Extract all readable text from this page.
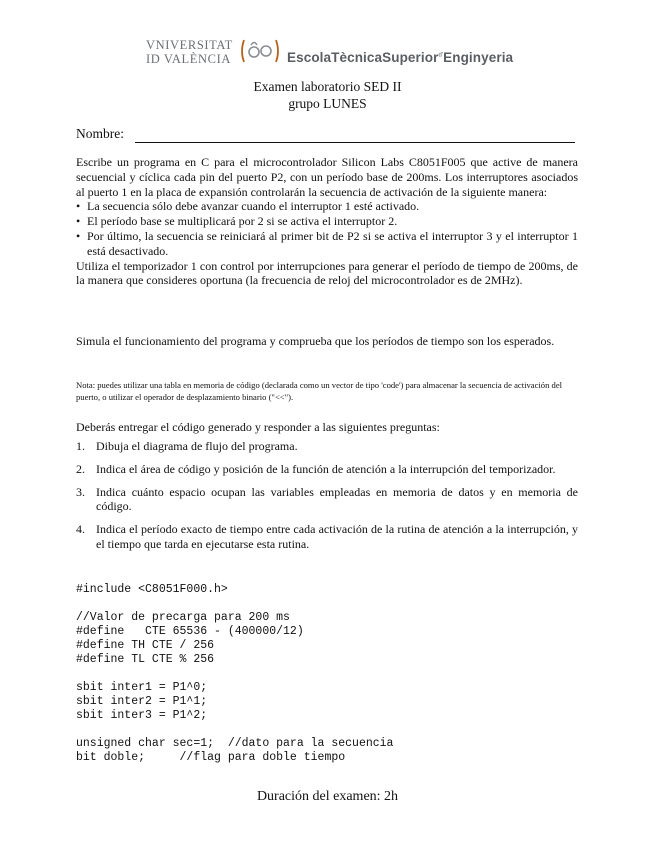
VNIVERSITAT
ID VALÈNCIA	EscolaTècnicaSuperior$^{d'}$Enginyeria
Examen laboratorio SED II
grupo LUNES
Nombre:
Escribe un programa en C para el microcontrolador Silicon Labs C8051F005 que active de manera secuencial y cíclica cada pin del puerto P2, con un período base de 200ms. Los interruptores asociados al puerto 1 en la placa de expansión controlarán la secuencia de activación de la siguiente manera:
• La secuencia sólo debe avanzar cuando el interruptor 1 esté activado.
• El período base se multiplicará por 2 si se activa el interruptor 2.
• Por último, la secuencia se reiniciará al primer bit de P2 si se activa el interruptor 3 y el interruptor 1 está desactivado.
Utiliza el temporizador 1 con control por interrupciones para generar el período de tiempo de 200ms, de la manera que consideres oportuna (la frecuencia de reloj del microcontrolador es de 2MHz).
Simula el funcionamiento del programa y comprueba que los períodos de tiempo son los esperados.
Nota: puedes utilizar una tabla en memoria de código (declarada como un vector de tipo 'code') para almacenar la secuencia de activación del puerto, o utilizar el operador de desplazamiento binario ("<<").
Deberás entregar el código generado y responder a las siguientes preguntas:
1. Dibuja el diagrama de flujo del programa.
2. Indica el área de código y posición de la función de atención a la interrupción del temporizador.
3. Indica cuánto espacio ocupan las variables empleadas en memoria de datos y en memoria de código.
4. Indica el período exacto de tiempo entre cada activación de la rutina de atención a la interrupción, y el tiempo que tarda en ejecutarse esta rutina.
#include <C8051F000.h>

//Valor de precarga para 200 ms
#define   CTE 65536 - (400000/12)
#define TH CTE / 256
#define TL CTE % 256

sbit inter1 = P1^0;
sbit inter2 = P1^1;
sbit inter3 = P1^2;

unsigned char sec=1;  //dato para la secuencia
bit doble;     //flag para doble tiempo
Duración del examen: 2h
